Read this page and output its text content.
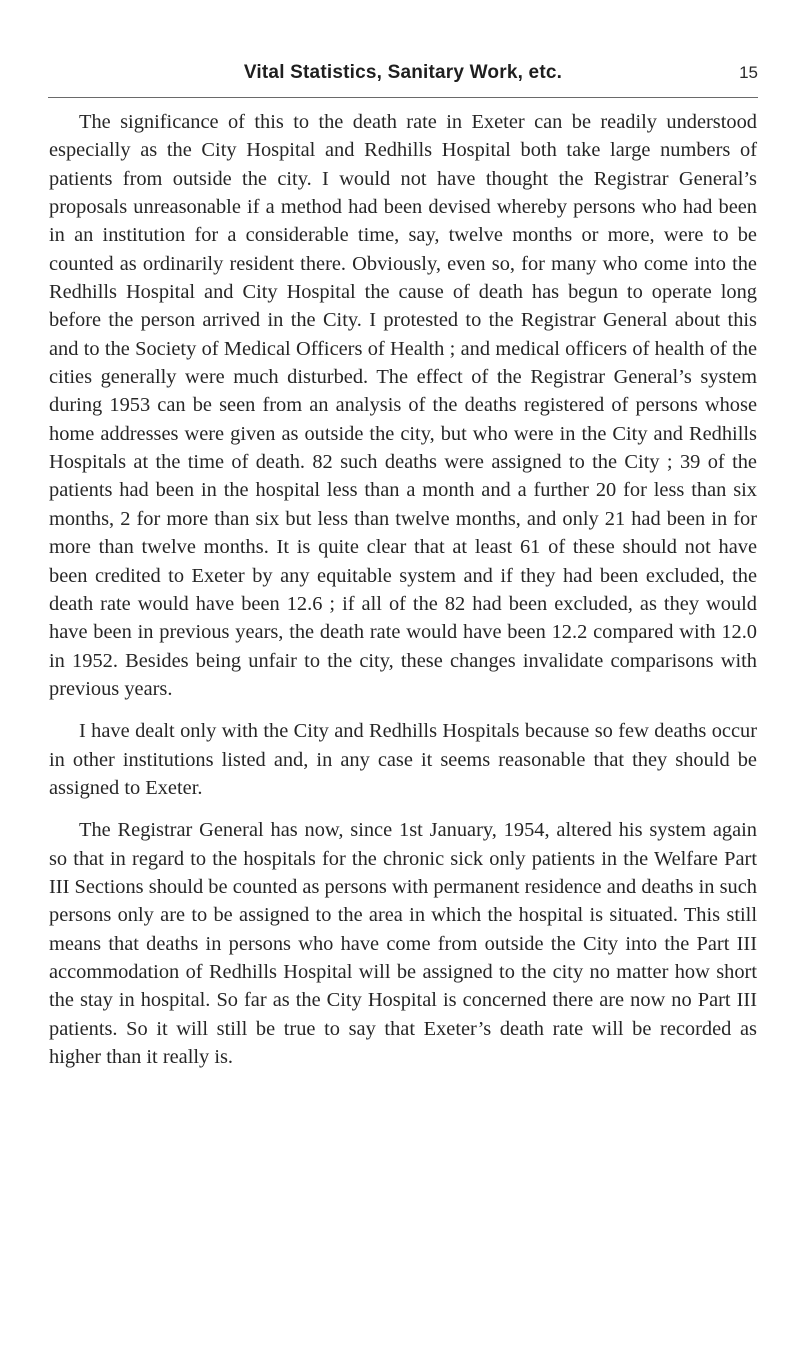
Vital Statistics, Sanitary Work, etc.	15

The significance of this to the death rate in Exeter can be readily understood especially as the City Hospital and Redhills Hospital both take large numbers of patients from outside the city. I would not have thought the Registrar General’s proposals unreasonable if a method had been devised whereby persons who had been in an institution for a considerable time, say, twelve months or more, were to be counted as ordinarily resident there. Obviously, even so, for many who come into the Redhills Hospital and City Hospital the cause of death has begun to operate long before the person arrived in the City. I protested to the Registrar General about this and to the Society of Medical Officers of Health ; and medical officers of health of the cities generally were much disturbed. The effect of the Registrar General’s system during 1953 can be seen from an analysis of the deaths registered of persons whose home addresses were given as outside the city, but who were in the City and Redhills Hospitals at the time of death. 82 such deaths were assigned to the City ; 39 of the patients had been in the hospital less than a month and a further 20 for less than six months, 2 for more than six but less than twelve months, and only 21 had been in for more than twelve months. It is quite clear that at least 61 of these should not have been credited to Exeter by any equitable system and if they had been excluded, the death rate would have been 12.6 ; if all of the 82 had been excluded, as they would have been in previous years, the death rate would have been 12.2 compared with 12.0 in 1952. Besides being unfair to the city, these changes invalidate comparisons with previous years.

I have dealt only with the City and Redhills Hospitals because so few deaths occur in other institutions listed and, in any case it seems reasonable that they should be assigned to Exeter.

The Registrar General has now, since 1st January, 1954, altered his system again so that in regard to the hospitals for the chronic sick only patients in the Welfare Part III Sections should be counted as persons with permanent residence and deaths in such persons only are to be assigned to the area in which the hospital is situated. This still means that deaths in persons who have come from outside the City into the Part III accommodation of Redhills Hospital will be assigned to the city no matter how short the stay in hospital. So far as the City Hospital is concerned there are now no Part III patients. So it will still be true to say that Exeter’s death rate will be recorded as higher than it really is.
